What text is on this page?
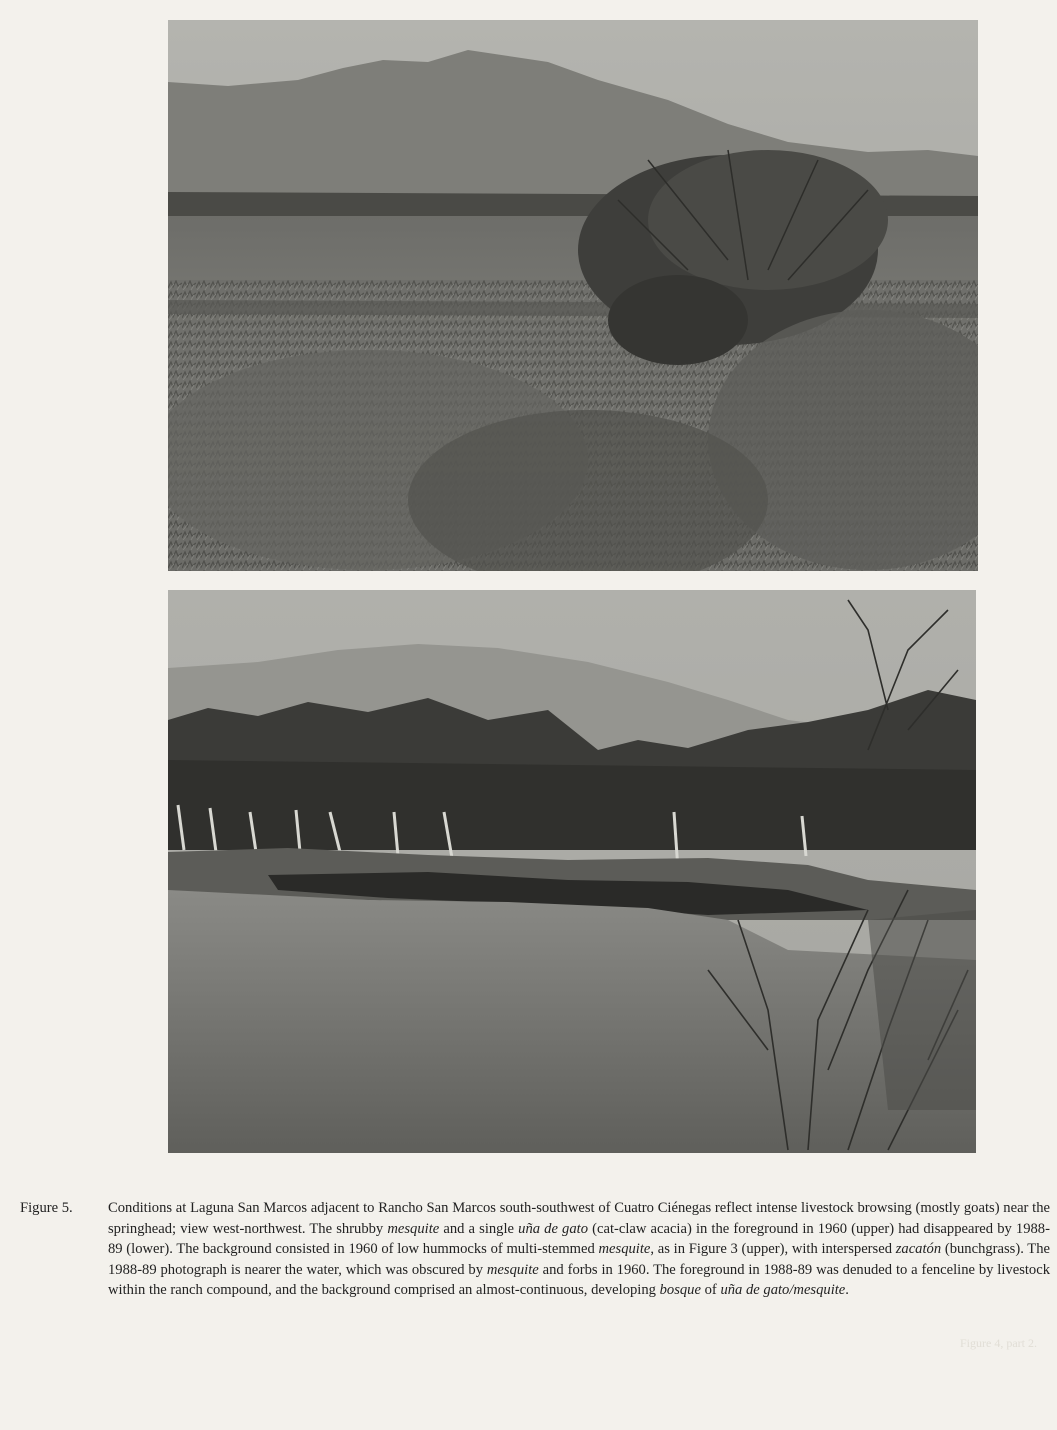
Figure 5.	Conditions at Laguna San Marcos adjacent to Rancho San Marcos south-southwest of Cuatro Ciénegas reflect intense livestock browsing (mostly goats) near the springhead; view west-northwest. The shrubby mesquite and a single uña de gato (cat-claw acacia) in the foreground in 1960 (upper) had disappeared by 1988-89 (lower). The background consisted in 1960 of low hummocks of multi-stemmed mesquite, as in Figure 3 (upper), with interspersed zacatón (bunchgrass). The 1988-89 photograph is nearer the water, which was obscured by mesquite and forbs in 1960. The foreground in 1988-89 was denuded to a fenceline by livestock within the ranch compound, and the background comprised an almost-continuous, developing bosque of uña de gato/mesquite.
Figure 4, part 2.
